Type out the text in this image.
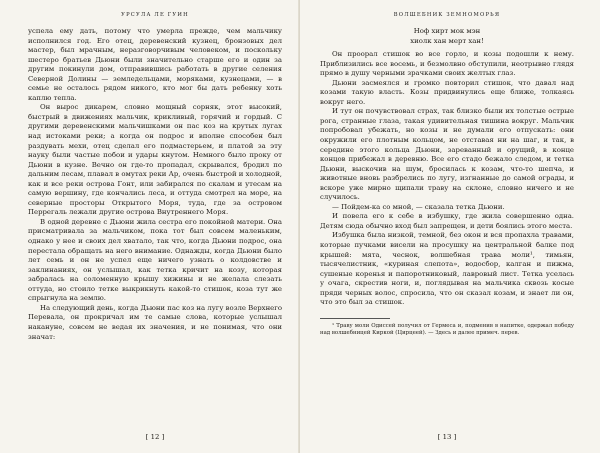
УРСУЛА ЛЕ ГУИН

успела ему дать, потому что умерла прежде, чем мальчику исполнился год. Его отец, деревенский кузнец, бронзовых дел мастер, был мрачным, неразговорчивым человеком, и поскольку шестеро братьев Дьюни были значительно старше его и один за другим покинули дом, отправившись работать в другие селения Северной Долины — земледельцами, моряками, кузнецами, — в семье не осталось рядом никого, кто мог бы дать ребенку хоть каплю тепла.

Он вырос дикарем, словно мощный сорняк, этот высокий, быстрый в движениях мальчик, крикливый, горячий и гордый. С другими деревенскими мальчишками он пас коз на крутых лугах над истоками реки; а когда он подрос и вполне способен был раздувать мехи, отец сделал его подмастерьем, и платой за эту науку были частые побои и удары кнутом. Немного было проку от Дьюни в кузне. Вечно он где-то пропадал, скрывался, бродил по дальним лесам, плавал в омутах реки Ар, очень быстрой и холодной, как и все реки острова Гонт, или забирался по скалам и утесам на самую вершину, где кончались леса, и оттуда смотрел на море, на северные просторы Открытого Моря, туда, где за островом Перрегаль лежали другие острова Внутреннего Моря.

В одной деревне с Дьюни жила сестра его покойной матери. Она присматривала за мальчиком, пока тот был совсем маленьким, однако у нее и своих дел хватало, так что, когда Дьюни подрос, она перестала обращать на него внимание. Однажды, когда Дьюни было лет семь и он не успел еще ничего узнать о колдовстве и заклинаниях, он услышал, как тетка кричит на козу, которая забралась на соломенную крышу хижины и не желала слезать оттуда, но стоило тетке выкрикнуть какой-то стишок, коза тут же спрыгнула на землю.

На следующий день, когда Дьюни пас коз на лугу возле Верхнего Перевала, он прокричал им те самые слова, которые услышал накануне, совсем не ведая их значения, и не понимая, что они значат:

[ 12 ]
ВОЛШЕБНИК ЗЕМНОМОРЬЯ
Ноф хирт мок мэн
хиолк хан мерт хан!

Он проорал стишок во все горло, и козы подошли к нему. Приблизились все восемь, и безмолвно обступили, неотрывно глядя прямо в душу черными зрачками своих желтых глаз.

Дьюни засмеялся и громко повторил стишок, что давал над козами такую власть. Козы придвинулись еще ближе, толкаясь вокруг него.

И тут он почувствовал страх, так близко были их толстые острые рога, странные глаза, такая удивительная тишина вокруг. Мальчик попробовал убежать, но козы и не думали его отпускать: они окружили его плотным кольцом, не отставая ни на шаг, и так, в середине этого кольца Дьюни, зареванный и орущий, в конце концов прибежал в деревню. Все его стадо бежало следом, и тетка Дьюни, выскочив на шум, бросилась к козам, что-то шепча, и животные вновь разбрелись по лугу, изгнанные до самой ограды, и вскоре уже мирно щипали траву на склоне, словно ничего и не случилось.

— Пойдем-ка со мной, — сказала тетка Дьюни.

И повела его к себе в избушку, где жила совершенно одна. Детям сюда обычно вход был запрещен, и дети боялись этого места.

Избушка была низкой, темной, без окон и вся пропахла травами, которые пучками висели на просушку на центральной балке под крышей: мята, чеснок, волшебная трава моли¹, тимьян, тысячелистник, «куриная слепота», водосбор, калган и пижма, сушеные коренья и папоротниковый, лавровый лист. Тетка уселась у очага, скрестив ноги, и, поглядывая на мальчика сквозь косые пряди черных волос, спросила, что он сказал козам, и знает ли он, что это был за стишок.

¹ Траву моли Одиссей получил от Гермеса и, подменив в напитке, одержал победу над волшебницей Киркой (Цирцеей). — Здесь и далее примеч. перев.

[ 13 ]
